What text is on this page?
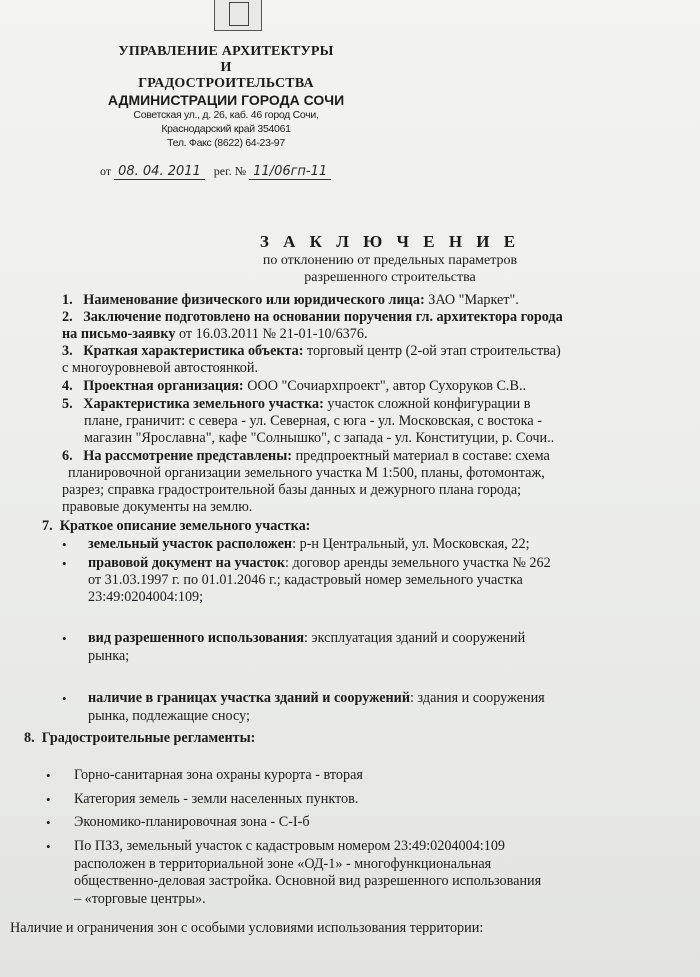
УПРАВЛЕНИЕ АРХИТЕКТУРЫ
И
ГРАДОСТРОИТЕЛЬСТВА
АДМИНИСТРАЦИИ ГОРОДА СОЧИ
Советская ул., д. 26, каб. 46 город Сочи,
Краснодарский край 354061
Тел. Факс (8622) 64-23-97
от 08. 04. 2011 рег. № 11/06гп-11
З А К Л Ю Ч Е Н И Е
по отклонению от предельных параметров
разрешенного строительства
1. Наименование физического или юридического лица: ЗАО "Маркет".
2. Заключение подготовлено на основании поручения гл. архитектора города
на письмо-заявку от 16.03.2011 № 21-01-10/6376.
3. Краткая характеристика объекта: торговый центр (2-ой этап строительства)
с многоуровневой автостоянкой.
4. Проектная организация: ООО "Сочиархпроект", автор Сухоруков С.В..
5. Характеристика земельного участка: участок сложной конфигурации в
плане, граничит: с севера - ул. Северная, с юга - ул. Московская, с востока -
магазин "Ярославна", кафе "Солнышко", с запада - ул. Конституции, р. Сочи..
6. На рассмотрение представлены: предпроектный материал в составе: схема
планировочной организации земельного участка М 1:500, планы, фотомонтаж,
разрез; справка градостроительной базы данных и дежурного плана города;
правовые документы на землю.
7. Краткое описание земельного участка:
• земельный участок расположен: р-н Центральный, ул. Московская, 22;
• правовой документ на участок: договор аренды земельного участка № 262
от 31.03.1997 г. по 01.01.2046 г.; кадастровый номер земельного участка
23:49:0204004:109;
• вид разрешенного использования: эксплуатация зданий и сооружений
рынка;
• наличие в границах участка зданий и сооружений: здания и сооружения
рынка, подлежащие сносу;
8. Градостроительные регламенты:
• Горно-санитарная зона охраны курорта - вторая
• Категория земель - земли населенных пунктов.
• Экономико-планировочная зона - С-I-б
• По ПЗЗ, земельный участок с кадастровым номером 23:49:0204004:109
расположен в территориальной зоне «ОД-1» - многофункциональная
общественно-деловая застройка. Основной вид разрешенного использования
– «торговые центры».
Наличие и ограничения зон с особыми условиями использования территории:
